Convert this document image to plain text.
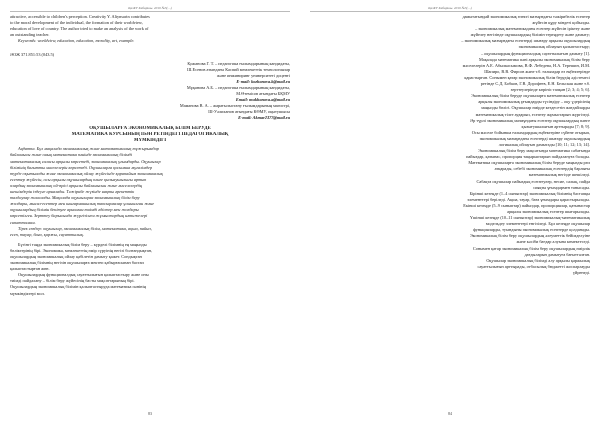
ҚазҰУ Хабаршы. 2019 №3(…)
attractive, accessible to children's perception. Creativity Y. Altynsarin contributes
to the moral development of the individual, the formation of their worldview,
education of love of country. The author tried to make an analysis of the work of
an outstanding teacher.
Keywords: worldview, education, education, morality, art, example.
ӘОЖ 371.851:53 (043.5)
Қожанова Г. Т. – педагогика ғылымдарының кандидаты,
Ш.Есенов атындағы Каспий мемлекеттік технологиялар
және инжиниринг университеті доценті
E-mail: kozhanova.k@mail.ru
Мұқанова А.Б. – педагогика ғылымдарының кандидаты,
М.Өтемісов атындағы БҚМУ
Email: mukhanova.a@mail.ru
Маманова В. А. – жаратылыстану ғылымдарының магистрі,
Ш-Уәлиханов атындағы КӨМУ, оқытушысы
E-mail: Akmar2377@mail.ru
ОҚУШЫЛАРҒА ЭКОНОМИКАЛЫҚ БІЛІМ БЕРУДЕ
МАТЕМАТИКА КУРСЫНЫҢ ПӘН РЕТІНДЕГІ ПЕДАГОГИКАЛЫҚ
МҮМКІНДІГІ
Аңдатпа. Бұл мақалада экономикалық және математикалық тұжырымдар
байланысы және оның математика пәнінде экономикалық білімді
математикалық саласы арқылы көрсетеді, экономикалық ұғымдарды. Оқушылар
білімінің бағытты мәселелерін көрсетеді. Оқушыларға қосымша мұғалімдер
түрде оқытылады және экономикалық ойлау жүйесінде қарапайым экономикалық
есептер жүйесін, осы арқылы оқушылардың пәнге қызығушылығы артып
олардың экономикалық ой-өрісі арқылы байланысын және мәселелердің
шешімдерін іздеуге арналады. Тәжірибе жүзінде нақты әрекеттік
талдаулар жасалады. Мақалада оқушыларға экономикалық білім беру
жолдары, мысал-есептер мен шығармашылық тапсырмалар ұсынылған және
оқушылардың білімін бекітуге арналған тиімді әдістер мен жолдары
көрсетілген. Зерттеу барысында жүргізілген жұмыстардың нәтижелері
сипатталған.
Тірек сөздер: оқушылар, экономикалық білім, математика, ақша, пайыз,
есеп, тауар, баға, қаржы, сауаттылық.
Бүгінгі таңда экономикалық білім беру – күрделі білімнің ең маңызды
бөліктерінің бірі. Экономика, мемлекеттің өмір сүруінің негізі болғандықтан,
оқушылардың экономикалық ойлау қабілетін дамыту қажет. Сондықтан
экономикалық білімнің негізін оқушыларға мектеп қабырғасынан бастап
қалыптастырған жөн.
Оқушылардың функционалдық сауаттылығын қалыптастыру және оны
тиімді пайдалану – білім беру жүйесінің басты мақсаттарының бірі.
Оқушылардың экономикалық білімін қалыптастыруда математика пәнінің
мүмкіндіктері мол.
83
ҚазҰУ Хабаршы. 2019 №3(…)
дамытатындай экономикалық өзекті мазмұндағы тәжірибелік есептер
жүйесін құру міндеті қойылды.
– экономикалық математикадағы есептер жүйесін іріктеу және
жүйелеу негізінде оқушылардың білімін тереңдету және дамыту;
– экономикалық мазмұндағы есептерді шығару арқылы оқушылардың
экономикалық ойлауын қалыптастыру;
– оқушылардың функционалдық сауаттылығын дамыту [1].
Мақалада математика пәні арқылы экономикалық білім беру
мәселелерін А.Е. Абылкасымова, В.Ф. Лебедева, Н.А. Терешин, И.М.
Шапиро, В.В. Фирсов және т.б. ғалымдар өз еңбектерінде
қарастырған. Сонымен қатар экономикалық білім берудің әдістемесі
ретінде С.Д. Бобков, Г.В. Дорофеев, Е.Н. Бельская және т.б.
зерттеулерінде көрініс тапқан [2; 3; 4; 5; 6].
Экономикалық білім беруде оқушыларға математикалық есептер
арқылы экономикалық ұғымдарды түсіндіру – оқу үдерісінің
маңызды бөлігі. Оқушылар өмірде кездесетін жағдайларды
математикалық тілге аударып, есептеу жұмыстарын жүргізеді.
Әр түрлі экономикалық мазмұндағы есептер оқушылардың пәнге
қызығушылығын арттырады [7; 8; 9].
Осы мәселе бойынша ғалымдардың еңбектеріне сүйене отырып,
экономикалық мазмұндағы есептерді шығару оқушылардың
логикалық ойлауын дамытады [10; 11; 12; 13; 14].
Экономикалық білім беру мақсатында математика сабағында
пайыздар, қатынас, пропорция тақырыптарын пайдалануға болады.
Математика оқушыларға экономикалық білім беруде маңызды рөл
атқарады, себебі экономикалық есептердің барлығы
математикалық негізде шешіледі.
Сабақта оқушылар пайыздық есептеулер, несие, салық, пайда
сияқты ұғымдармен танысады.
Бірінші кезеңде (1–4 сыныптар) экономикалық білімнің бастапқы
элементтері беріледі. Ақша, тауар, баға ұғымдары қарастырылады.
Екінші кезеңде (5–9 сыныптар) пайыздар, пропорциялар, қатынастар
арқылы экономикалық есептер шығарылады.
Үшінші кезеңде (10–11 сыныптар) экономикалық-математикалық
модельдеу элементтері енгізіледі. Бұл кезеңде оқушылар
функцияларды, туындыны экономикалық есептерде қолданады.
Экономикалық білім беру оқушылардың әлеуметтік бейімделуіне
және кәсіби бағдар алуына көмектеседі.
Сонымен қатар экономикалық білім беру оқушылардың өмірлік
дағдыларын дамытуға бағытталған.
Оқушылар экономикалық білімді алу арқылы қаржылық
сауаттылығын арттырады, отбасылық бюджетті жоспарлауды
үйренеді.
84
